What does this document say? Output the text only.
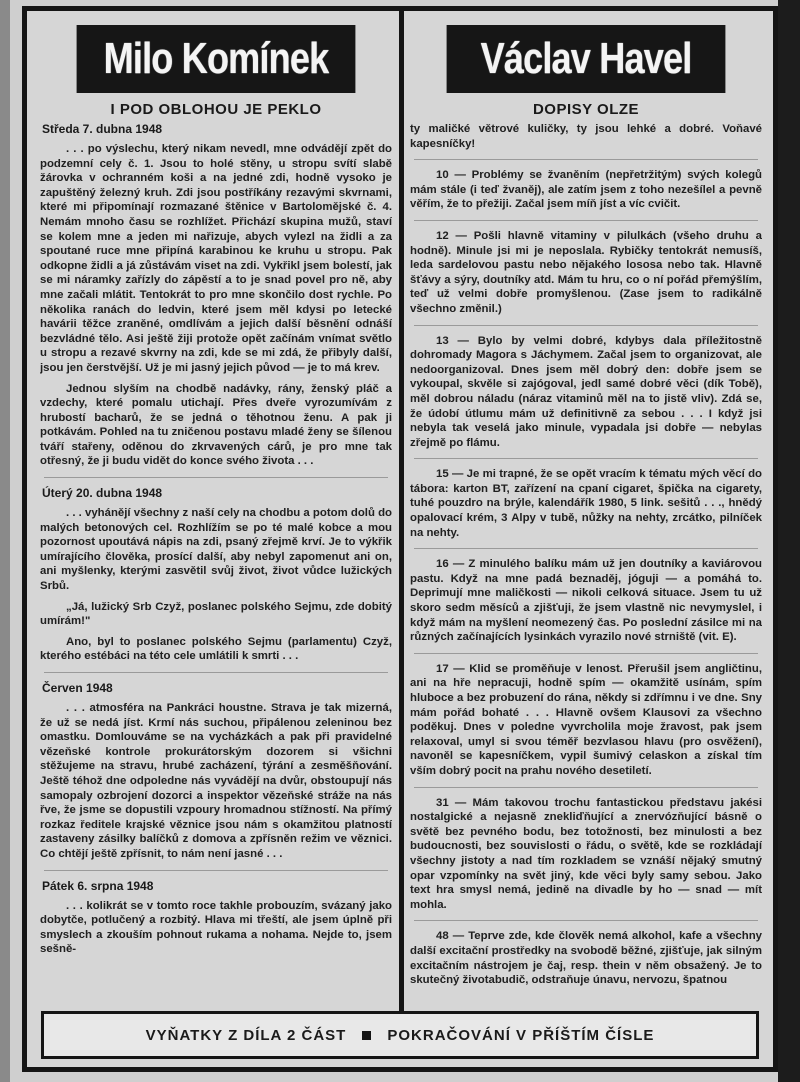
Milo Komínek
I POD OBLOHOU JE PEKLO
Středa 7. dubna 1948

. . . po výslechu, který nikam nevedl, mne odvádějí zpět do podzemní cely č. 1. Jsou to holé stěny, u stropu svítí slabě žárovka v ochranném koši a na jedné zdi, hodně vysoko je zapuštěný železný kruh. Zdi jsou postříkány rezavými skvrnami, které mi připomínají rozmazané štěnice v Bartolomějské č. 4. Nemám mnoho času se rozhlížet. Přichází skupina mužů, staví se kolem mne a jeden mi nařizuje, abych vylezl na židli a za spoutané ruce mne připíná karabinou ke kruhu u stropu. Pak odkopne židli a já zůstávám viset na zdi. Vykřikl jsem bolestí, jak se mi náramky zařízly do zápěstí a to je snad povel pro ně, aby mne začali mlátit. Tentokrát to pro mne skončilo dost rychle. Po několika ranách do ledvin, které jsem měl kdysi po letecké havárii těžce zraněné, omdlívám a jejich další běsnění odnáší bezvládné tělo. Asi ještě žiji protože opět začínám vnímat světlo u stropu a rezavé skvrny na zdi, kde se mi zdá, že přibyly další, jsou jen čerstvější. Už je mi jasný jejich původ — je to má krev.

Jednou slyším na chodbě nadávky, rány, ženský pláč a vzdechy, které pomalu utichají. Přes dveře vyrozumívám z hrubostí bacharů, že se jedná o těhotnou ženu. A pak ji potkávám. Pohled na tu zničenou postavu mladé ženy se šílenou tváří stařeny, oděnou do zkrvavených cárů, je pro mne tak otřesný, že ji budu vidět do konce svého života . . .

Úterý 20. dubna 1948

. . . vyhánějí všechny z naší cely na chodbu a potom dolů do malých betonových cel. Rozhlížím se po té malé kobce a mou pozornost upoutává nápis na zdi, psaný zřejmě krví. Je to výkřik umírajícího člověka, prosící další, aby nebyl zapomenut ani on, ani myšlenky, kterými zasvětil svůj život, život vůdce lužických Srbů.

„Já, lužický Srb Czyž, poslanec polského Sejmu, zde dobitý umírám!"

Ano, byl to poslanec polského Sejmu (parlamentu) Czyž, kterého estébáci na této cele umlátili k smrti . . .

Červen 1948

. . . atmosféra na Pankráci houstne. Strava je tak mizerná, že už se nedá jíst. Krmí nás suchou, připálenou zeleninou bez omastku. Domlouváme se na vycházkách a pak při pravidelné vězeňské kontrole prokurátorským dozorem si všichni stěžujeme na stravu, hrubé zacházení, týrání a zesměšňování. Ještě téhož dne odpoledne nás vyvádějí na dvůr, obstoupují nás samopaly ozbrojení dozorci a inspektor vězeňské stráže na nás řve, že jsme se dopustili vzpoury hromadnou stížností. Na přímý rozkaz ředitele krajské věznice jsou nám s okamžitou platností zastaveny zásilky balíčků z domova a zpřísněn režim ve věznici. Co chtějí ještě zpřísnit, to nám není jasné . . .

Pátek 6. srpna 1948

. . . kolikrát se v tomto roce takhle probouzím, svázaný jako dobytče, potlučený a rozbitý. Hlava mi třeští, ale jsem úplně při smyslech a zkouším pohnout rukama a nohama. Nejde to, jsem sešně-

Václav Havel
DOPISY OLZE

ty maličké větrové kuličky, ty jsou lehké a dobré. Voňavé kapesníčky!

10 — Problémy se žvaněním (nepřetržitým) svých kolegů mám stále (i teď žvaněj), ale zatím jsem z toho nezešílel a pevně věřím, že to přežiji. Začal jsem míň jíst a víc cvičit.

12 — Pošli hlavně vitaminy v pilulkách (všeho druhu a hodně). Minule jsi mi je neposlala. Rybičky tentokrát nemusíš, leda sardelovou pastu nebo nějakého lososa nebo tak. Hlavně šťávy a sýry, doutníky atd. Mám tu hru, co o ní pořád přemýšlím, teď už velmi dobře promyšlenou. (Zase jsem to radikálně všechno změnil.)

13 — Bylo by velmi dobré, kdybys dala příležitostně dohromady Magora s Jáchymem. Začal jsem to organizovat, ale nedoorganizoval. Dnes jsem měl dobrý den: dobře jsem se vykoupal, skvěle si zajógoval, jedl samé dobré věci (dík Tobě), měl dobrou náladu (náraz vitaminů měl na to jistě vliv). Zdá se, že údobí útlumu mám už definitivně za sebou . . . I když jsi nebyla tak veselá jako minule, vypadala jsi dobře — nebylas zřejmě po flámu.

15 — Je mi trapné, že se opět vracím k tématu mých věcí do tábora: karton BT, zařízení na cpaní cigaret, špička na cigarety, tuhé pouzdro na brýle, kalendářík 1980, 5 link. sešitů . . ., hnědý opalovací krém, 3 Alpy v tubě, nůžky na nehty, zrcátko, pilníček na nehty.

16 — Z minulého balíku mám už jen doutníky a kaviárovou pastu. Když na mne padá beznaděj, jóguji — a pomáhá to. Deprimují mne maličkosti — nikoli celková situace. Jsem tu už skoro sedm měsíců a zjišťuji, že jsem vlastně nic nevymyslel, i když mám na myšlení neomezený čas. Po poslední zásilce mi na různých začínajících lysinkách vyrazilo nové strniště (vit. E).

17 — Klid se proměňuje v lenost. Přerušil jsem angličtinu, ani na hře nepracuji, hodně spím — okamžitě usínám, spím hluboce a bez probuzení do rána, někdy si zdřímnu i ve dne. Sny mám pořád bohaté . . . Hlavně ovšem Klausovi za všechno poděkuj. Dnes v poledne vyvrcholila moje žravost, pak jsem relaxoval, umyl si svou téměř bezvlasou hlavu (pro osvěžení), navoněl se kapesníčkem, vypil šumivý celaskon a získal tím vším dobrý pocit na prahu nového desetiletí.

31 — Mám takovou trochu fantastickou představu jakési nostalgické a nejasně znekliďňující a znervózňující básně o světě bez pevného bodu, bez totožnosti, bez minulosti a bez budoucnosti, bez souvislosti o řádu, o světě, kde se rozkládají všechny jistoty a nad tím rozkladem se vznáší nějaký smutný opar vzpomínky na svět jiný, kde věci byly samy sebou. Jako text hra smysl nemá, jedině na divadle by ho — snad — mít mohla.

48 — Teprve zde, kde člověk nemá alkohol, kafe a všechny další excitační prostředky na svobodě běžné, zjišťuje, jak silným excitačním nástrojem je čaj, resp. thein v něm obsažený. Je to skutečný životabudič, odstraňuje únavu, nervozu, špatnou

VYŇATKY Z DÍLA 2 ČÁST	POKRAČOVÁNÍ V PŘÍŠTÍM ČÍSLE
